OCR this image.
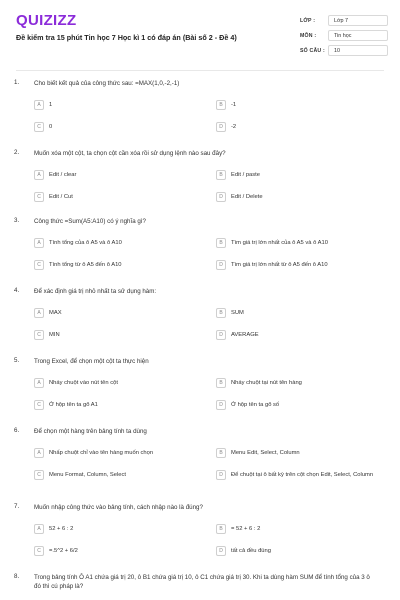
QUIZIZZ
Đề kiểm tra 15 phút Tin học 7 Học kì 1 có đáp án (Bài số 2 - Đề 4)
LỚP :	Lớp 7
MÔN :	Tin học
SỐ CÂU :	10
1. Cho biết kết quả của công thức sau: =MAX(1,0,-2,-1)
A	1	B	-1
C	0	D	-2
2. Muốn xóa một cột, ta chọn cột cần xóa rồi sử dụng lệnh nào sau đây?
A	Edit / clear	B	Edit / paste
C	Edit / Cut	D	Edit / Delete
3. Công thức =Sum(A5:A10) có ý nghĩa gì?
A	Tính tổng của ô A5 và ô A10	B	Tìm giá trị lớn nhất của ô A5 và ô A10
C	Tính tổng từ ô A5 đến ô A10	D	Tìm giá trị lớn nhất từ ô A5 đến ô A10
4. Để xác định giá trị nhỏ nhất ta sử dụng hàm:
A	MAX	B	SUM
C	MIN	D	AVERAGE
5. Trong Excel, để chọn một cột ta thực hiện
A	Nháy chuột vào nút tên cột	B	Nháy chuột tại nút tên hàng
C	Ở hộp tên ta gõ A1	D	Ở hộp tên ta gõ số
6. Để chọn một hàng trên bảng tính ta dùng
A	Nhấp chuột chỉ vào tên hàng muốn chọn	B	Menu Edit, Select, Column
C	Menu Format, Column, Select	D	Để chuột tại ô bất kỳ trên cột chọn Edit, Select, Column
7. Muốn nhập công thức vào bảng tính, cách nhập nào là đúng?
A	52 + 6 : 2	B	= 52 + 6 : 2
C	=.5^2 + 6/2	D	tất cả đều đúng
8. Trong bảng tính Ô A1 chứa giá trị 20, ô B1 chứa giá trị 10, ô C1 chứa giá trị 30. Khi ta dùng hàm SUM để tính tổng của 3 ô đó thì cú pháp là?
